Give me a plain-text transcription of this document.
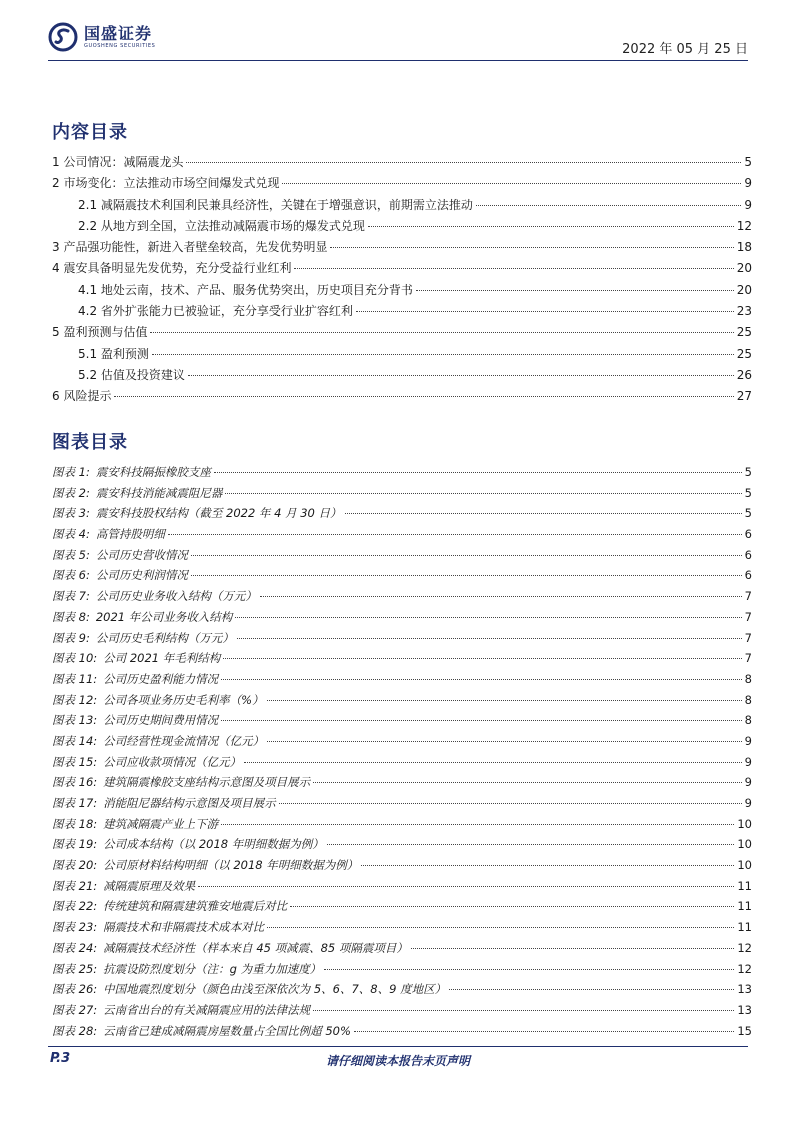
国盛证券
GUOSHENG SECURITIES	2022 年 05 月 25 日
内容目录
1 公司情况：减隔震龙头	5
2 市场变化：立法推动市场空间爆发式兑现	9
2.1 减隔震技术利国利民兼具经济性，关键在于增强意识，前期需立法推动	9
2.2 从地方到全国，立法推动减隔震市场的爆发式兑现	12
3 产品强功能性，新进入者壁垒较高，先发优势明显	18
4 震安具备明显先发优势，充分受益行业红利	20
4.1 地处云南，技术、产品、服务优势突出，历史项目充分背书	20
4.2 省外扩张能力已被验证，充分享受行业扩容红利	23
5 盈利预测与估值	25
5.1 盈利预测	25
5.2 估值及投资建议	26
6 风险提示	27
图表目录
图表 1: 震安科技隔振橡胶支座	5
图表 2: 震安科技消能减震阻尼器	5
图表 3: 震安科技股权结构（截至 2022 年 4 月 30 日）	5
图表 4: 高管持股明细	6
图表 5: 公司历史营收情况	6
图表 6: 公司历史利润情况	6
图表 7: 公司历史业务收入结构（万元）	7
图表 8: 2021 年公司业务收入结构	7
图表 9: 公司历史毛利结构（万元）	7
图表 10: 公司 2021 年毛利结构	7
图表 11: 公司历史盈利能力情况	8
图表 12: 公司各项业务历史毛利率（%）	8
图表 13: 公司历史期间费用情况	8
图表 14: 公司经营性现金流情况（亿元）	9
图表 15: 公司应收款项情况（亿元）	9
图表 16: 建筑隔震橡胶支座结构示意图及项目展示	9
图表 17: 消能阻尼器结构示意图及项目展示	9
图表 18: 建筑减隔震产业上下游	10
图表 19: 公司成本结构（以 2018 年明细数据为例）	10
图表 20: 公司原材料结构明细（以 2018 年明细数据为例）	10
图表 21: 减隔震原理及效果	11
图表 22: 传统建筑和隔震建筑雅安地震后对比	11
图表 23: 隔震技术和非隔震技术成本对比	11
图表 24: 减隔震技术经济性（样本来自 45 项减震、85 项隔震项目）	12
图表 25: 抗震设防烈度划分（注：g 为重力加速度）	12
图表 26: 中国地震烈度划分（颜色由浅至深依次为 5、6、7、8、9 度地区）	13
图表 27: 云南省出台的有关减隔震应用的法律法规	13
图表 28: 云南省已建成减隔震房屋数量占全国比例超 50%	15
P.3	请仔细阅读本报告末页声明
